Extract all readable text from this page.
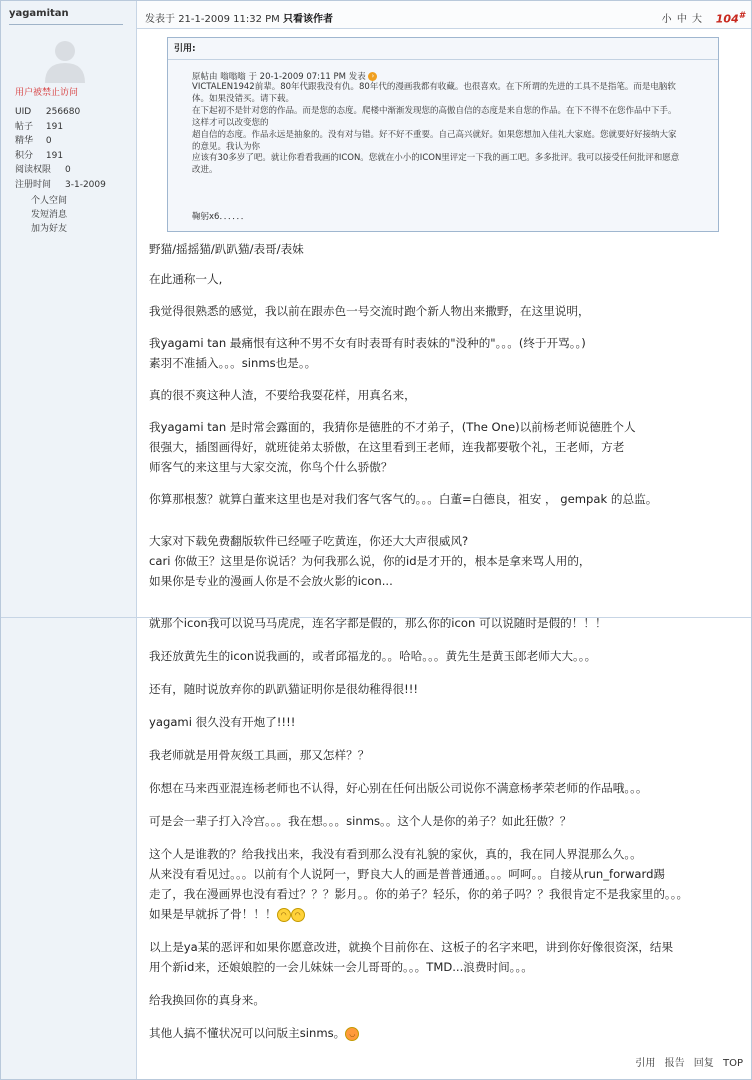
yagamitan
用户被禁止访问
UID 256680
帖子 191
精华 0
积分 191
阅读权限 0
注册时间 3-1-2009
个人空间
发短消息
加为好友
发表于 21-1-2009 11:32 PM 只看该作者	小 中 大 104#
引用:
原帖由 嗡嗡嗡 于 20-1-2009 07:11 PM 发表 ›

VICTALEN1942前辈。80年代跟我没有仇。80年代的漫画我都有收藏。也很喜欢。在下所谓的先进的工具不是指笔。而是电脑软

体。如果没错买。请下载。

在下起初不是针对您的作品。而是您的态度。爬楼中渐渐发现您的高傲自信的态度是来自您的作品。在下不得不在您作品中下手。

这样才可以改变您的

超自信的态度。作品永远是抽象的。没有对与错。好不好不重要。自己高兴就好。如果您想加入佳礼大家庭。您就要好好接纳大家

的意见。我认为你

应该有30多岁了吧。就让你看看我画的ICON。您就在小小的ICON里评定一下我的画工吧。多多批评。我可以接受任何批评和愿意

改进。

鞠躬x6．．．．．．

野猫/摇摇猫/趴趴猫/表哥/表妹

在此通称一人,

我觉得很熟悉的感觉，我以前在跟赤色一号交流时跑个新人物出来撒野，在这里说明，

我yagami tan 最痛恨有这种不男不女有时表哥有时表妹的"没种的"。。。(终于开骂。。)

素羽不准插入。。。sinms也是。。

真的很不爽这种人渣，不要给我耍花样，用真名来，

我yagami tan 是时常会露面的，我猜你是德胜的不才弟子，(The One)以前杨老师说德胜个人

很强大，插图画得好，就班徒弟太骄傲，在这里看到王老师，连我都要敬个礼，王老师，方老

师客气的来这里与大家交流，你鸟个什么骄傲？

你算那根葱？就算白董来这里也是对我们客气客气的。。。白董=白德良，祖安 ， gempak 的总监。

大家对下载免费翻版软件已经哑子吃黄连，你还大大声很威风?

cari 你做王？这里是你说话？为何我那么说，你的id是才开的，根本是拿来骂人用的，

如果你是专业的漫画人你是不会放火影的icon...

就那个icon我可以说马马虎虎，连名字都是假的，那么你的icon 可以说随时是假的！！！

我还放黄先生的icon说我画的，或者邱福龙的。。哈哈。。。黄先生是黄玉郎老师大大。。。

还有，随时说放弃你的趴趴猫证明你是很幼稚得很!!!

yagami 很久没有开炮了!!!!

我老师就是用骨灰级工具画，那又怎样？？

你想在马来西亚混连杨老师也不认得，好心别在任何出版公司说你不满意杨孝荣老师的作品哦。。。

可是会一辈子打入冷宫。。。我在想。。。sinms。。这个人是你的弟子？如此狂傲？？

这个人是谁教的？给我找出来，我没有看到那么没有礼貌的家伙，真的，我在同人界混那么久。。

从来没有看见过。。。以前有个人说阿一，野良大人的画是普普通通。。。呵呵。。自接从run_forward踢

走了，我在漫画界也没有看过？？？影月。。你的弟子？轻乐，你的弟子吗？？我很肯定不是我家里的。。。

如果是早就拆了骨！！！ ◠ ◠

以上是ya某的恶评和如果你愿意改进，就换个目前你在、这板子的名字来吧，讲到你好像很资深，结果

用个新id来，还娘娘腔的一会儿妹妹一会儿哥哥的。。。TMD...浪费时间。。。

给我换回你的真身来。

其他人搞不懂状况可以问版主sinms。 ◡

引用 报告 回复 TOP
